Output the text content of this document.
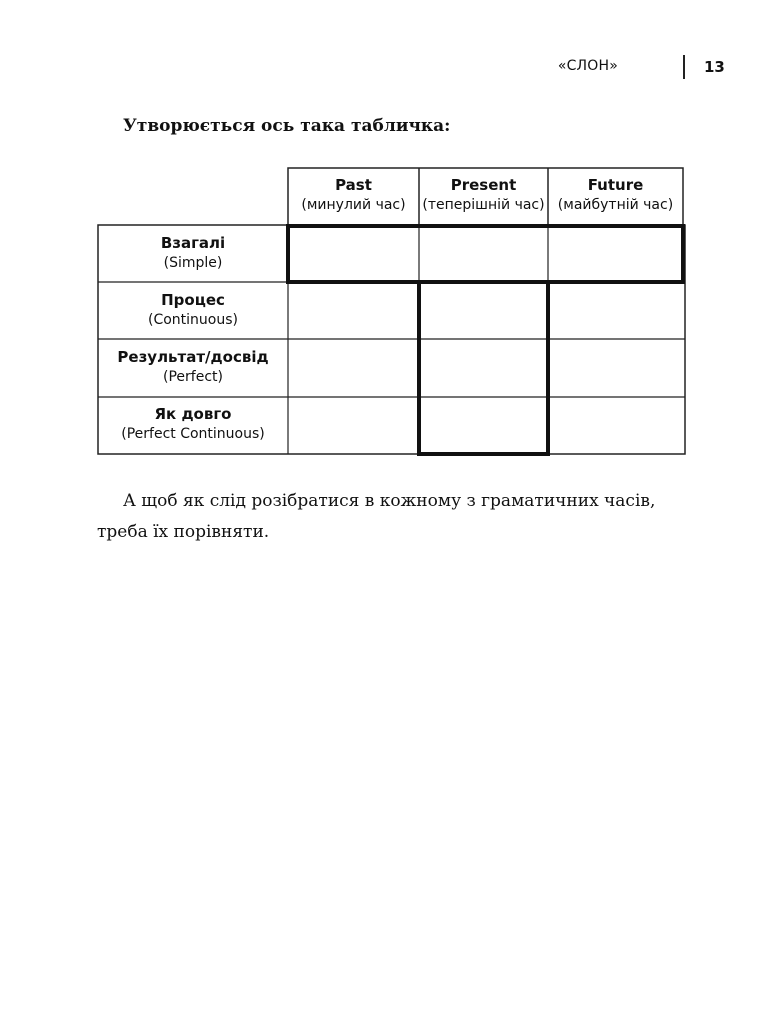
«СЛОН»	13
Утворюється ось така табличка:
Past
(минулий час)
Present
(теперішній час)
Future
(майбутній час)
Взагалі
(Simple)
Процес
(Continuous)
Результат/досвід
(Perfect)
Як довго
(Perfect Continuous)
А щоб як слід розібратися в кожному з граматичних часів, треба їх порівняти.
